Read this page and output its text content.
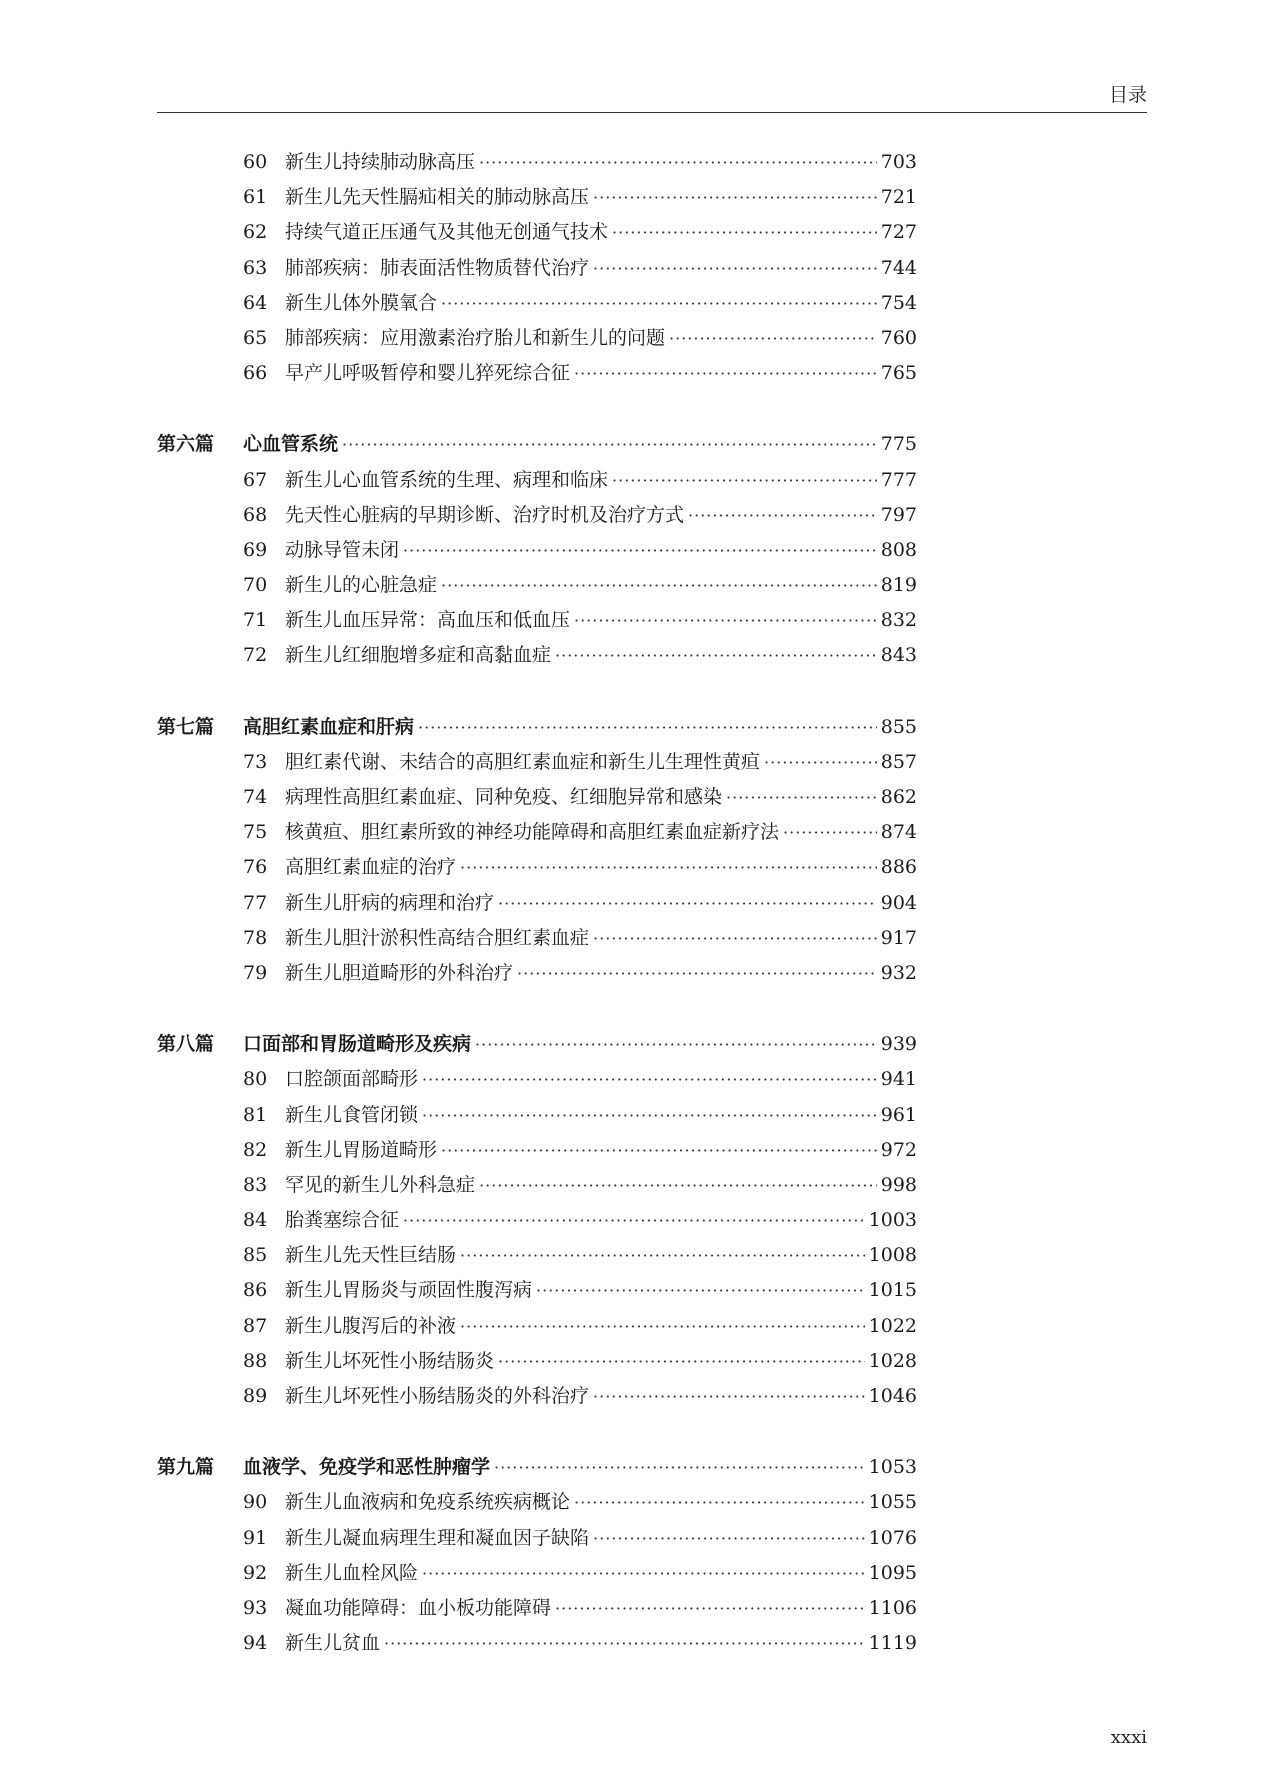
目录
60 新生儿持续肺动脉高压 ·····	703
61 新生儿先天性膈疝相关的肺动脉高压 ·····	721
62 持续气道正压通气及其他无创通气技术 ·····	727
63 肺部疾病：肺表面活性物质替代治疗 ·····	744
64 新生儿体外膜氧合 ·····	754
65 肺部疾病：应用激素治疗胎儿和新生儿的问题 ·····	760
66 早产儿呼吸暂停和婴儿猝死综合征 ·····	765
第六篇	心血管系统 ·····	775
67 新生儿心血管系统的生理、病理和临床 ·····	777
68 先天性心脏病的早期诊断、治疗时机及治疗方式 ·····	797
69 动脉导管未闭 ·····	808
70 新生儿的心脏急症 ·····	819
71 新生儿血压异常：高血压和低血压 ·····	832
72 新生儿红细胞增多症和高黏血症 ·····	843
第七篇	高胆红素血症和肝病 ·····	855
73 胆红素代谢、未结合的高胆红素血症和新生儿生理性黄疸 ·····	857
74 病理性高胆红素血症、同种免疫、红细胞异常和感染 ·····	862
75 核黄疸、胆红素所致的神经功能障碍和高胆红素血症新疗法 ·····	874
76 高胆红素血症的治疗 ·····	886
77 新生儿肝病的病理和治疗 ·····	904
78 新生儿胆汁淤积性高结合胆红素血症 ·····	917
79 新生儿胆道畸形的外科治疗 ·····	932
第八篇	口面部和胃肠道畸形及疾病 ·····	939
80 口腔颌面部畸形 ·····	941
81 新生儿食管闭锁 ·····	961
82 新生儿胃肠道畸形 ·····	972
83 罕见的新生儿外科急症 ·····	998
84 胎粪塞综合征 ·····	1003
85 新生儿先天性巨结肠 ·····	1008
86 新生儿胃肠炎与顽固性腹泻病 ·····	1015
87 新生儿腹泻后的补液 ·····	1022
88 新生儿坏死性小肠结肠炎 ·····	1028
89 新生儿坏死性小肠结肠炎的外科治疗 ·····	1046
第九篇	血液学、免疫学和恶性肿瘤学 ·····	1053
90 新生儿血液病和免疫系统疾病概论 ·····	1055
91 新生儿凝血病理生理和凝血因子缺陷 ·····	1076
92 新生儿血栓风险 ·····	1095
93 凝血功能障碍：血小板功能障碍 ·····	1106
94 新生儿贫血 ·····	1119
xxxi
